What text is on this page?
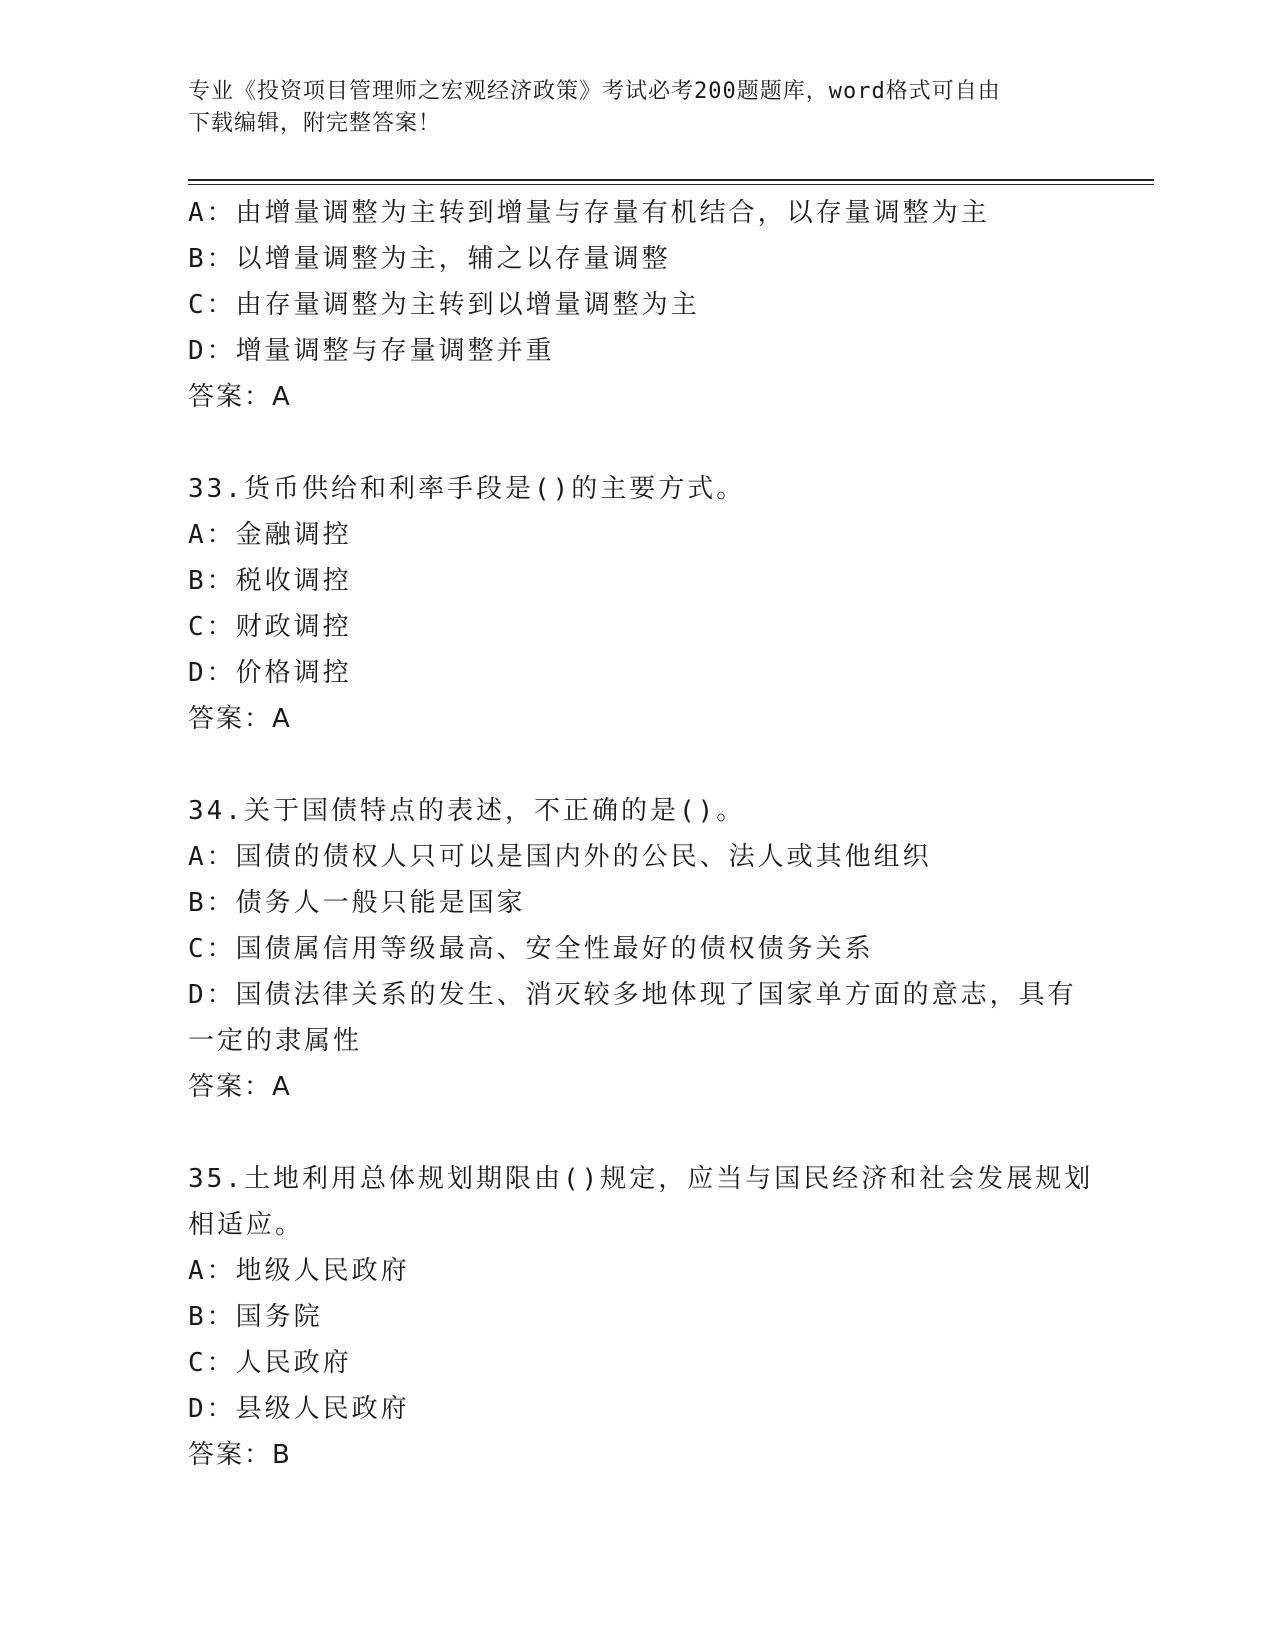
专业《投资项目管理师之宏观经济政策》考试必考200题题库，word格式可自由
下载编辑，附完整答案！
A：由增量调整为主转到增量与存量有机结合，以存量调整为主
B：以增量调整为主，辅之以存量调整
C：由存量调整为主转到以增量调整为主
D：增量调整与存量调整并重
答案：A
33.货币供给和利率手段是()的主要方式。
A：金融调控
B：税收调控
C：财政调控
D：价格调控
答案：A
34.关于国债特点的表述，不正确的是()。
A：国债的债权人只可以是国内外的公民、法人或其他组织
B：债务人一般只能是国家
C：国债属信用等级最高、安全性最好的债权债务关系
D：国债法律关系的发生、消灭较多地体现了国家单方面的意志，具有
一定的隶属性
答案：A
35.土地利用总体规划期限由()规定，应当与国民经济和社会发展规划
相适应。
A：地级人民政府
B：国务院
C：人民政府
D：县级人民政府
答案：B
